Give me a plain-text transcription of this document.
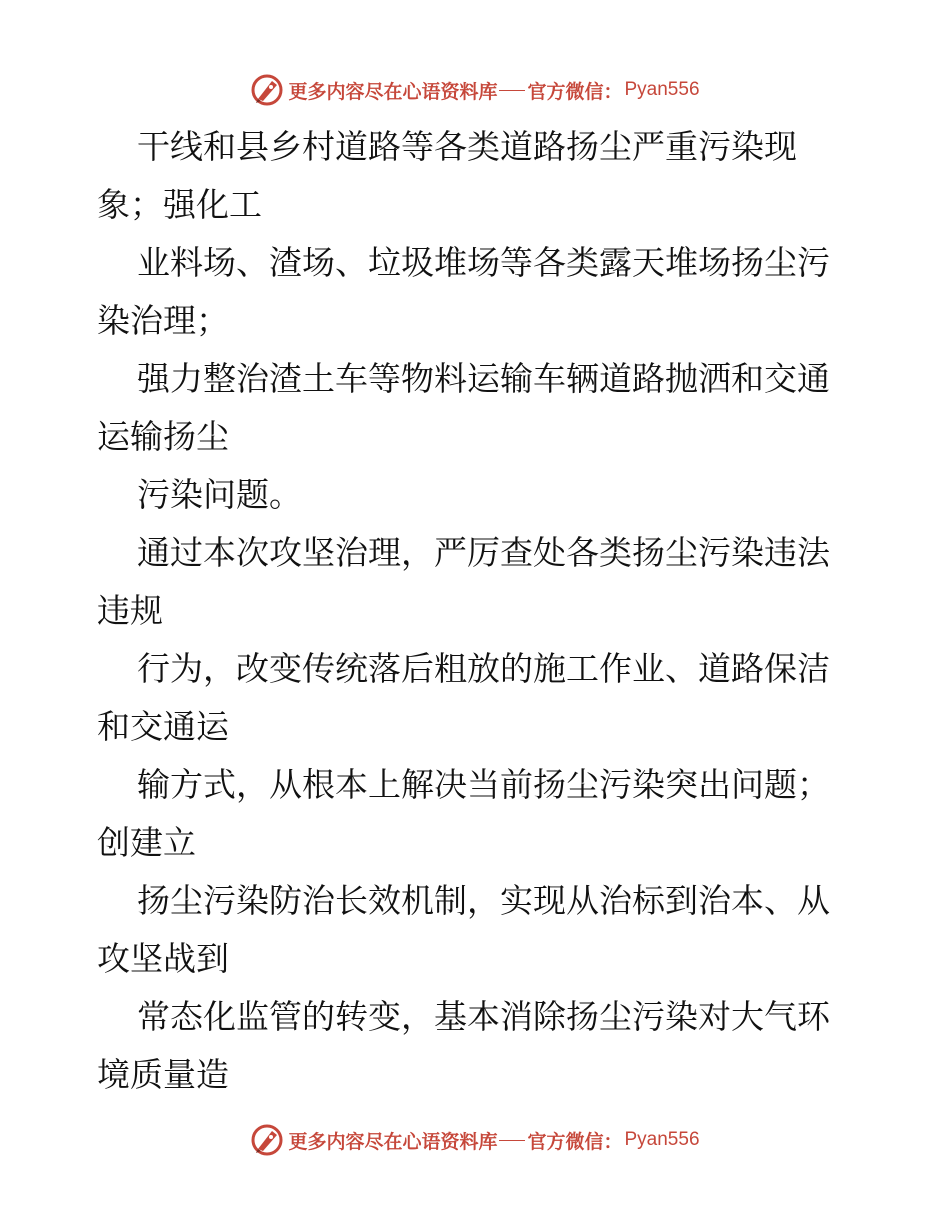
更多内容尽在心语资料库 官方微信： Pyan556

干线和县乡村道路等各类道路扬尘严重污染现
象；强化工

业料场、渣场、垃圾堆场等各类露天堆场扬尘污
染治理；

强力整治渣土车等物料运输车辆道路抛洒和交通
运输扬尘

污染问题。

通过本次攻坚治理，严厉查处各类扬尘污染违法
违规

行为，改变传统落后粗放的施工作业、道路保洁
和交通运

输方式，从根本上解决当前扬尘污染突出问题；
创建立

扬尘污染防治长效机制，实现从治标到治本、从
攻坚战到

常态化监管的转变，基本消除扬尘污染对大气环
境质量造

更多内容尽在心语资料库 官方微信： Pyan556
